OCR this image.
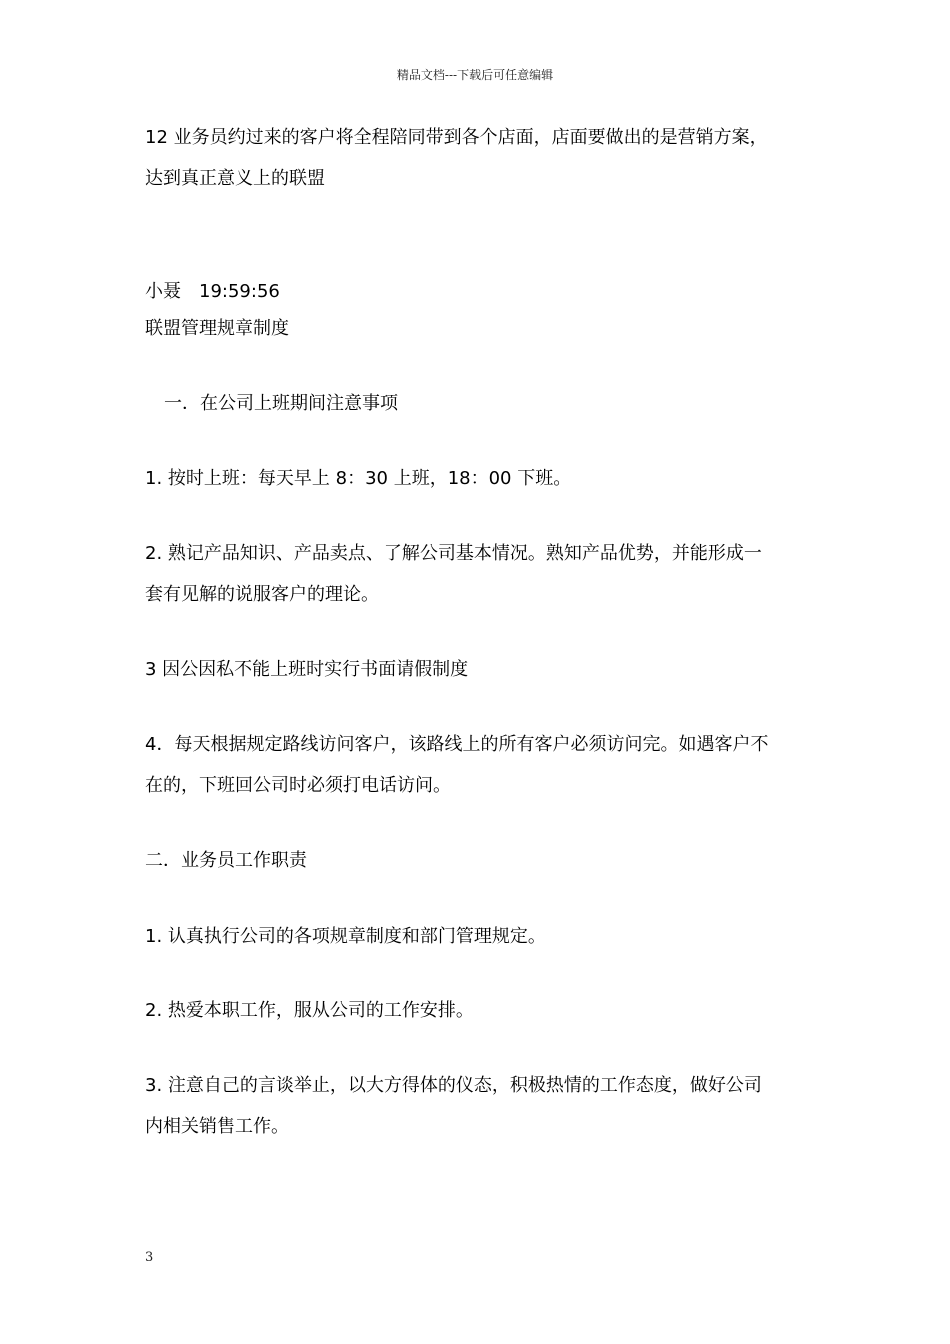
精品文档---下载后可任意编辑
12 业务员约过来的客户将全程陪同带到各个店面，店面要做出的是营销方案，
达到真正意义上的联盟
小聂 19:59:56
联盟管理规章制度
一．在公司上班期间注意事项
1. 按时上班：每天早上 8：30 上班，18：00 下班。
2. 熟记产品知识、产品卖点、了解公司基本情况。熟知产品优势，并能形成一
套有见解的说服客户的理论。
3 因公因私不能上班时实行书面请假制度
4．每天根据规定路线访问客户，该路线上的所有客户必须访问完。如遇客户不
在的，下班回公司时必须打电话访问。
二．业务员工作职责
1. 认真执行公司的各项规章制度和部门管理规定。
2. 热爱本职工作，服从公司的工作安排。
3. 注意自己的言谈举止，以大方得体的仪态，积极热情的工作态度，做好公司
内相关销售工作。
3
